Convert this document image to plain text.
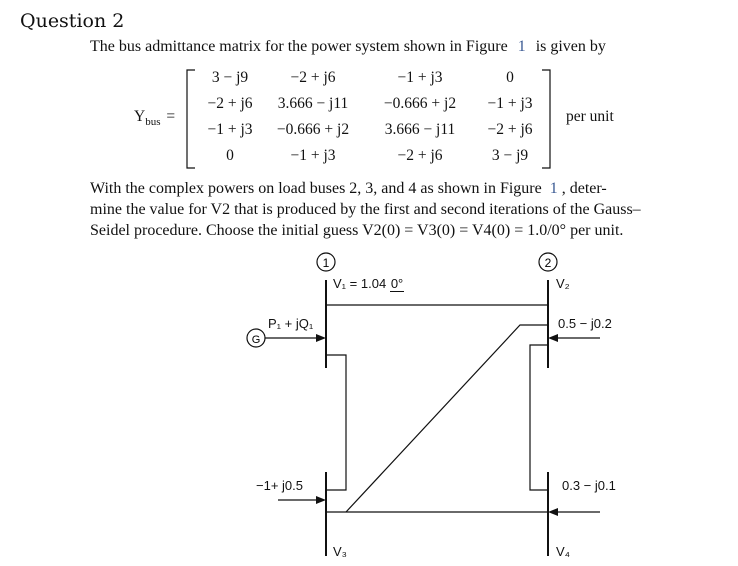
Question 2
The bus admittance matrix for the power system shown in Figure 1 is given by
$Y_{bus}$ =
3 − j9	−2 + j6	−1 + j3	0
−2 + j6	3.666 − j11	−0.666 + j2	−1 + j3
−1 + j3	−0.666 + j2	3.666 − j11	−2 + j6
0	−1 + j3	−2 + j6	3 − j9
per unit
With the complex powers on load buses 2, 3, and 4 as shown in Figure 1 , deter-
mine the value for V2 that is produced by the first and second iterations of the Gauss–
Seidel procedure. Choose the initial guess V2(0) = V3(0) = V4(0) = 1.0/0° per unit.
G
1	2
V₁ = 1.04 0°	V₂
P₁ + jQ₁	0.5 − j0.2
−1+ j0.5	0.3 − j0.1
V₃	V₄
